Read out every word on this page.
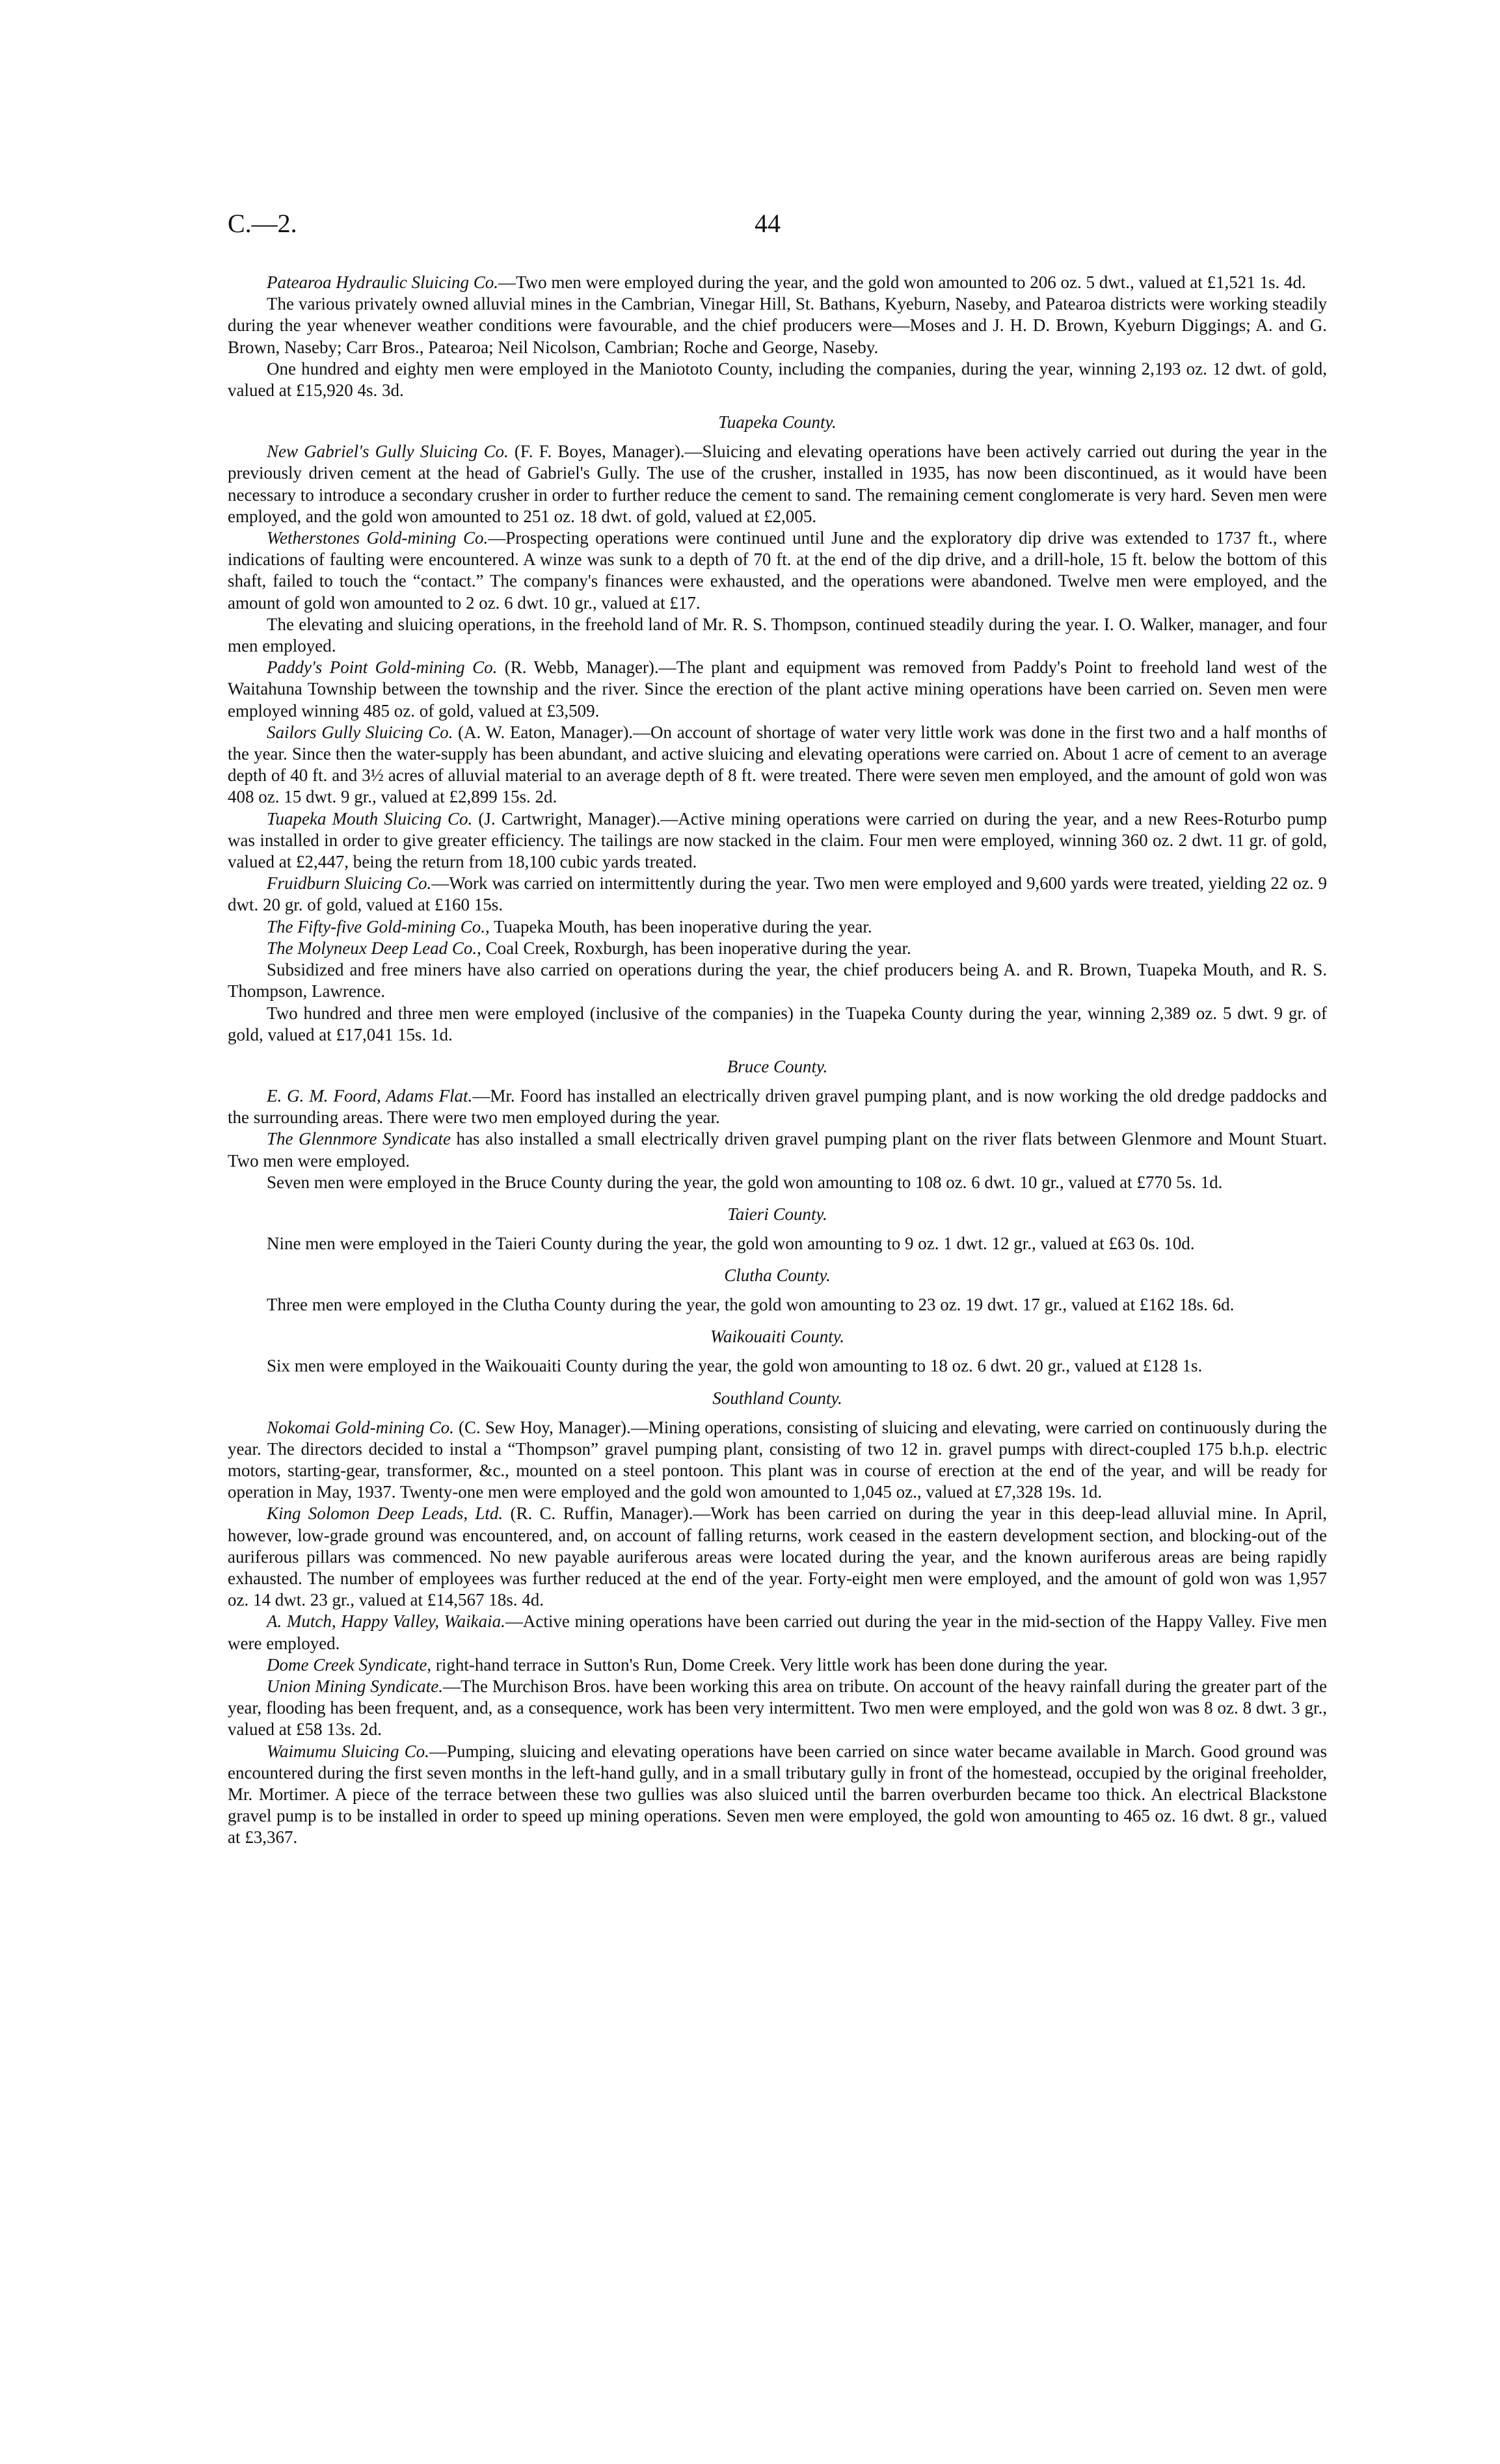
C.—2.	44

Patearoa Hydraulic Sluicing Co.—Two men were employed during the year, and the gold won amounted to 206 oz. 5 dwt., valued at £1,521 1s. 4d.

The various privately owned alluvial mines in the Cambrian, Vinegar Hill, St. Bathans, Kyeburn, Naseby, and Patearoa districts were working steadily during the year whenever weather conditions were favourable, and the chief producers were—Moses and J. H. D. Brown, Kyeburn Diggings; A. and G. Brown, Naseby; Carr Bros., Patearoa; Neil Nicolson, Cambrian; Roche and George, Naseby.

One hundred and eighty men were employed in the Maniototo County, including the companies, during the year, winning 2,193 oz. 12 dwt. of gold, valued at £15,920 4s. 3d.

Tuapeka County.

New Gabriel's Gully Sluicing Co. (F. F. Boyes, Manager).—Sluicing and elevating operations have been actively carried out during the year in the previously driven cement at the head of Gabriel's Gully. The use of the crusher, installed in 1935, has now been discontinued, as it would have been necessary to introduce a secondary crusher in order to further reduce the cement to sand. The remaining cement conglomerate is very hard. Seven men were employed, and the gold won amounted to 251 oz. 18 dwt. of gold, valued at £2,005.

Wetherstones Gold-mining Co.—Prospecting operations were continued until June and the exploratory dip drive was extended to 1737 ft., where indications of faulting were encountered. A winze was sunk to a depth of 70 ft. at the end of the dip drive, and a drill-hole, 15 ft. below the bottom of this shaft, failed to touch the “contact.” The company's finances were exhausted, and the operations were abandoned. Twelve men were employed, and the amount of gold won amounted to 2 oz. 6 dwt. 10 gr., valued at £17.

The elevating and sluicing operations, in the freehold land of Mr. R. S. Thompson, continued steadily during the year. I. O. Walker, manager, and four men employed.

Paddy's Point Gold-mining Co. (R. Webb, Manager).—The plant and equipment was removed from Paddy's Point to freehold land west of the Waitahuna Township between the township and the river. Since the erection of the plant active mining operations have been carried on. Seven men were employed winning 485 oz. of gold, valued at £3,509.

Sailors Gully Sluicing Co. (A. W. Eaton, Manager).—On account of shortage of water very little work was done in the first two and a half months of the year. Since then the water-supply has been abundant, and active sluicing and elevating operations were carried on. About 1 acre of cement to an average depth of 40 ft. and 3½ acres of alluvial material to an average depth of 8 ft. were treated. There were seven men employed, and the amount of gold won was 408 oz. 15 dwt. 9 gr., valued at £2,899 15s. 2d.

Tuapeka Mouth Sluicing Co. (J. Cartwright, Manager).—Active mining operations were carried on during the year, and a new Rees-Roturbo pump was installed in order to give greater efficiency. The tailings are now stacked in the claim. Four men were employed, winning 360 oz. 2 dwt. 11 gr. of gold, valued at £2,447, being the return from 18,100 cubic yards treated.

Fruidburn Sluicing Co.—Work was carried on intermittently during the year. Two men were employed and 9,600 yards were treated, yielding 22 oz. 9 dwt. 20 gr. of gold, valued at £160 15s.

The Fifty-five Gold-mining Co., Tuapeka Mouth, has been inoperative during the year.

The Molyneux Deep Lead Co., Coal Creek, Roxburgh, has been inoperative during the year.

Subsidized and free miners have also carried on operations during the year, the chief producers being A. and R. Brown, Tuapeka Mouth, and R. S. Thompson, Lawrence.

Two hundred and three men were employed (inclusive of the companies) in the Tuapeka County during the year, winning 2,389 oz. 5 dwt. 9 gr. of gold, valued at £17,041 15s. 1d.

Bruce County.

E. G. M. Foord, Adams Flat.—Mr. Foord has installed an electrically driven gravel pumping plant, and is now working the old dredge paddocks and the surrounding areas. There were two men employed during the year.

The Glennmore Syndicate has also installed a small electrically driven gravel pumping plant on the river flats between Glenmore and Mount Stuart. Two men were employed.

Seven men were employed in the Bruce County during the year, the gold won amounting to 108 oz. 6 dwt. 10 gr., valued at £770 5s. 1d.

Taieri County.

Nine men were employed in the Taieri County during the year, the gold won amounting to 9 oz. 1 dwt. 12 gr., valued at £63 0s. 10d.

Clutha County.

Three men were employed in the Clutha County during the year, the gold won amounting to 23 oz. 19 dwt. 17 gr., valued at £162 18s. 6d.

Waikouaiti County.

Six men were employed in the Waikouaiti County during the year, the gold won amounting to 18 oz. 6 dwt. 20 gr., valued at £128 1s.

Southland County.

Nokomai Gold-mining Co. (C. Sew Hoy, Manager).—Mining operations, consisting of sluicing and elevating, were carried on continuously during the year. The directors decided to instal a “Thompson” gravel pumping plant, consisting of two 12 in. gravel pumps with direct-coupled 175 b.h.p. electric motors, starting-gear, transformer, &c., mounted on a steel pontoon. This plant was in course of erection at the end of the year, and will be ready for operation in May, 1937. Twenty-one men were employed and the gold won amounted to 1,045 oz., valued at £7,328 19s. 1d.

King Solomon Deep Leads, Ltd. (R. C. Ruffin, Manager).—Work has been carried on during the year in this deep-lead alluvial mine. In April, however, low-grade ground was encountered, and, on account of falling returns, work ceased in the eastern development section, and blocking-out of the auriferous pillars was commenced. No new payable auriferous areas were located during the year, and the known auriferous areas are being rapidly exhausted. The number of employees was further reduced at the end of the year. Forty-eight men were employed, and the amount of gold won was 1,957 oz. 14 dwt. 23 gr., valued at £14,567 18s. 4d.

A. Mutch, Happy Valley, Waikaia.—Active mining operations have been carried out during the year in the mid-section of the Happy Valley. Five men were employed.

Dome Creek Syndicate, right-hand terrace in Sutton's Run, Dome Creek. Very little work has been done during the year.

Union Mining Syndicate.—The Murchison Bros. have been working this area on tribute. On account of the heavy rainfall during the greater part of the year, flooding has been frequent, and, as a consequence, work has been very intermittent. Two men were employed, and the gold won was 8 oz. 8 dwt. 3 gr., valued at £58 13s. 2d.

Waimumu Sluicing Co.—Pumping, sluicing and elevating operations have been carried on since water became available in March. Good ground was encountered during the first seven months in the left-hand gully, and in a small tributary gully in front of the homestead, occupied by the original freeholder, Mr. Mortimer. A piece of the terrace between these two gullies was also sluiced until the barren overburden became too thick. An electrical Blackstone gravel pump is to be installed in order to speed up mining operations. Seven men were employed, the gold won amounting to 465 oz. 16 dwt. 8 gr., valued at £3,367.
